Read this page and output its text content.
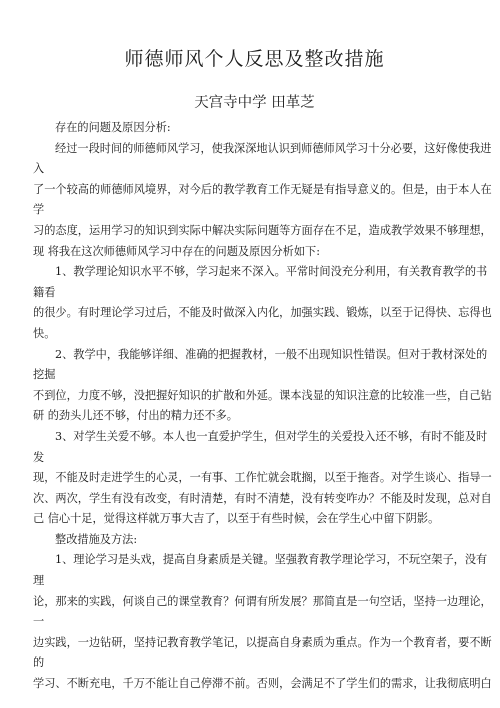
师德师风个人反思及整改措施
天宫寺中学 田革芝

存在的问题及原因分析:

经过一段时间的师德师风学习，使我深深地认识到师德师风学习十分必要，这好像使我进

入

了一个较高的师德师风境界，对今后的教学教育工作无疑是有指导意义的。但是，由于本人在

学

习的态度，运用学习的知识到实际中解决实际问题等方面存在不足，造成教学效果不够理想，

现 将我在这次师德师风学习中存在的问题及原因分析如下:

1、教学理论知识水平不够，学习起来不深入。平常时间没充分利用，有关教育教学的书

籍看

的很少。有时理论学习过后，不能及时做深入内化，加强实践、锻炼，以至于记得快、忘得也

快。

2、教学中，我能够详细、准确的把握教材，一般不出现知识性错误。但对于教材深处的

挖掘

不到位，力度不够，没把握好知识的扩散和外延。课本浅显的知识注意的比较准一些，自己钻

研 的劲头儿还不够，付出的精力还不多。

3、对学生关爱不够。本人也一直爱护学生，但对学生的关爱投入还不够，有时不能及时

发

现，不能及时走进学生的心灵，一有事、工作忙就会耽搁，以至于拖沓。对学生谈心、指导一

次、两次，学生有没有改变，有时清楚，有时不清楚，没有转变咋办？不能及时发现，总对自

己 信心十足，觉得这样就万事大吉了，以至于有些时候，会在学生心中留下阴影。

整改措施及方法:

1、理论学习是头戏，提高自身素质是关键。坚强教育教学理论学习，不玩空架子，没有

理

论，那来的实践，何谈自己的课堂教育？何谓有所发展？那简直是一句空话，坚持一边理论，

一

边实践，一边钻研，坚持记教育教学笔记，以提高自身素质为重点。作为一个教育者，要不断

的

学习、不断充电，千万不能让自己停滞不前。否则，会满足不了学生们的需求，让我彻底明白
